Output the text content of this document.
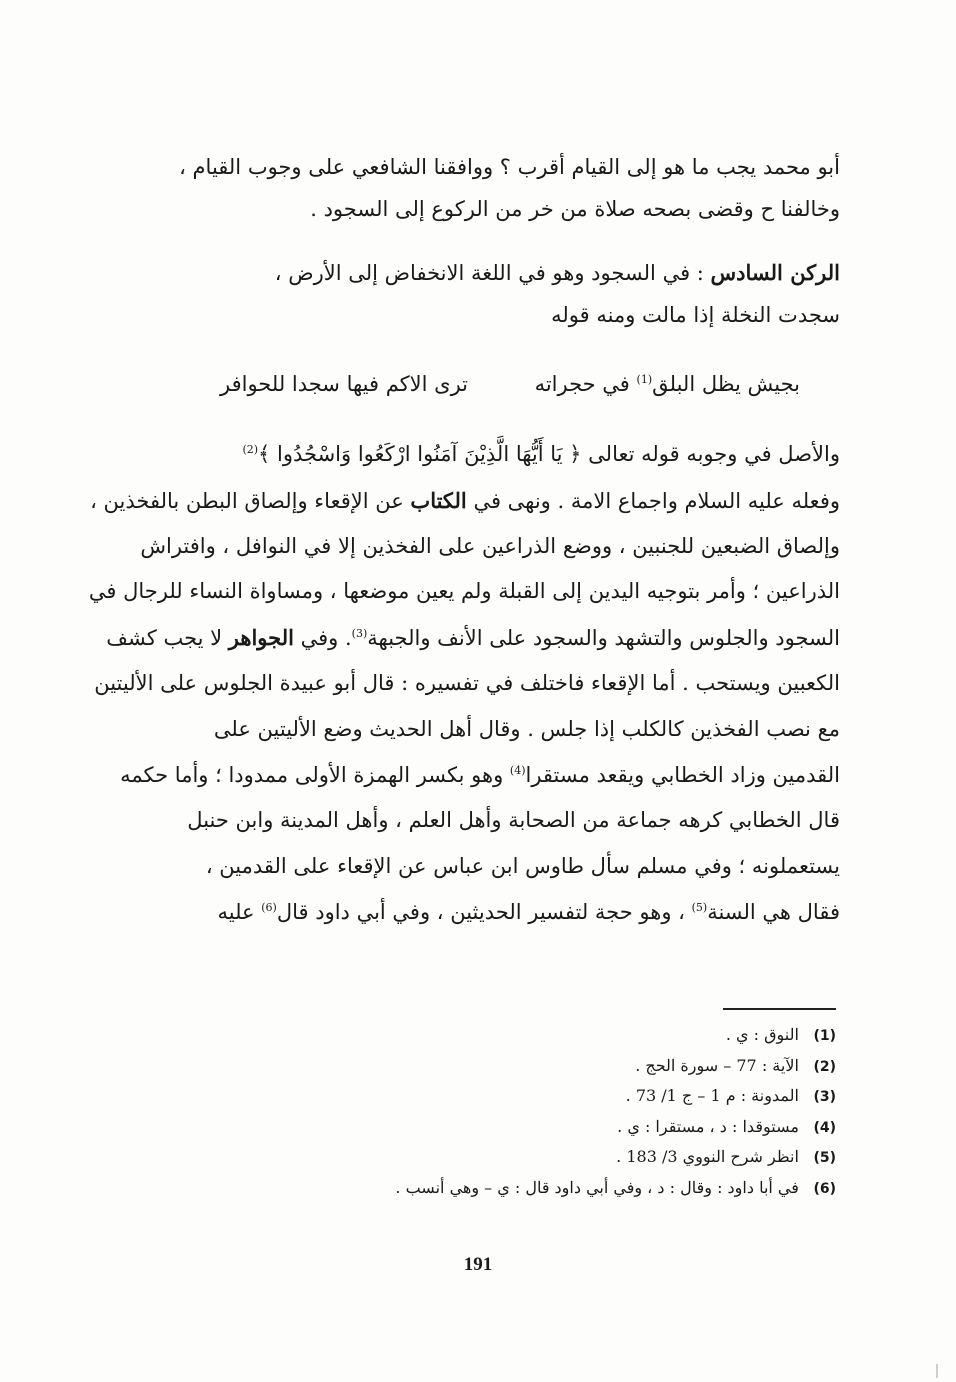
أبو محمد يجب ما هو إلى القيام أقرب ؟ ووافقنا الشافعي على وجوب القيام ،
وخالفنا ح وقضى بصحه صلاة من خر من الركوع إلى السجود .
الركن السادس : في السجود وهو في اللغة الانخفاض إلى الأرض ،
سجدت النخلة إذا مالت ومنه قوله
بجيش يظل البلق$^{(1)}$ في حجراته
ترى الاكم فيها سجدا للحوافر
والأصل في وجوبه قوله تعالى ﴿ يَا أَيُّهَا الَّذِيْنَ آمَنُوا ارْكَعُوا وَاسْجُدُوا ﴾$^{(2)}$
وفعله عليه السلام واجماع الامة . ونهى في الكتاب عن الإقعاء وإلصاق البطن بالفخذين ،
وإلصاق الضبعين للجنبين ، ووضع الذراعين على الفخذين إلا في النوافل ، وافتراش
الذراعين ؛ وأمر بتوجيه اليدين إلى القبلة ولم يعين موضعها ، ومساواة النساء للرجال في
السجود والجلوس والتشهد والسجود على الأنف والجبهة$^{(3)}$. وفي الجواهر لا يجب كشف
الكعبين ويستحب . أما الإقعاء فاختلف في تفسيره : قال أبو عبيدة الجلوس على الأليتين
مع نصب الفخذين كالكلب إذا جلس . وقال أهل الحديث وضع الأليتين على
القدمين وزاد الخطابي ويقعد مستقرا$^{(4)}$ وهو بكسر الهمزة الأولى ممدودا ؛ وأما حكمه
قال الخطابي كرهه جماعة من الصحابة وأهل العلم ، وأهل المدينة وابن حنبل
يستعملونه ؛ وفي مسلم سأل طاوس ابن عباس عن الإقعاء على القدمين ،
فقال هي السنة$^{(5)}$ ، وهو حجة لتفسير الحديثين ، وفي أبي داود قال$^{(6)}$ عليه
(1) النوق : ي .
(2) الآية : 77 – سورة الحج .
(3) المدونة : م 1 – ج 1/ 73 .
(4) مستوقدا : د ، مستقرا : ي .
(5) انظر شرح النووي 3/ 183 .
(6) في أبا داود : وقال : د ، وفي أبي داود قال : ي – وهي أنسب .
191
